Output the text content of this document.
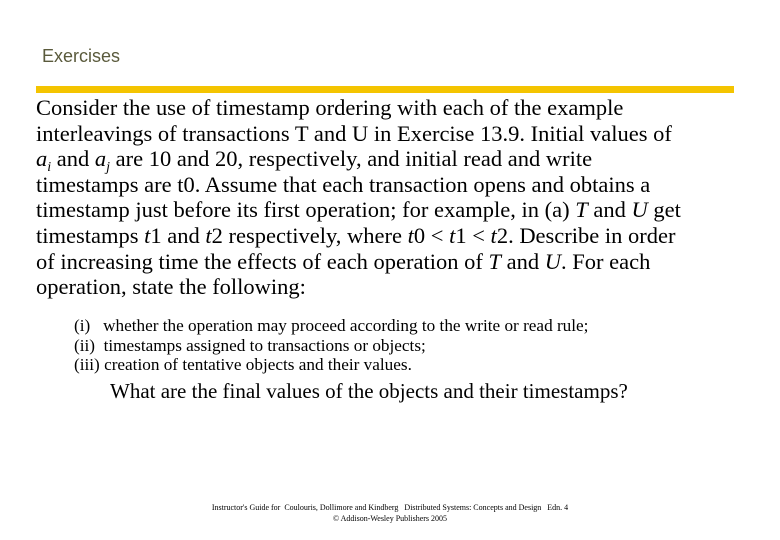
Exercises

Consider the use of timestamp ordering with each of the example

interleavings of transactions T and U in Exercise 13.9. Initial values of

$a_i$ and $a_j$ are 10 and 20, respectively, and initial read and write

timestamps are t0. Assume that each transaction opens and obtains a

timestamp just before its first operation; for example, in (a) T and U get

timestamps t1 and t2 respectively, where t0 < t1 < t2. Describe in order

of increasing time the effects of each operation of T and U. For each

operation, state the following:

(i)   whether the operation may proceed according to the write or read rule;
(ii)  timestamps assigned to transactions or objects;
(iii) creation of tentative objects and their values.
What are the final values of the objects and their timestamps?
Instructor's Guide for  Coulouris, Dollimore and Kindberg   Distributed Systems: Concepts and Design   Edn. 4
© Addison-Wesley Publishers 2005
